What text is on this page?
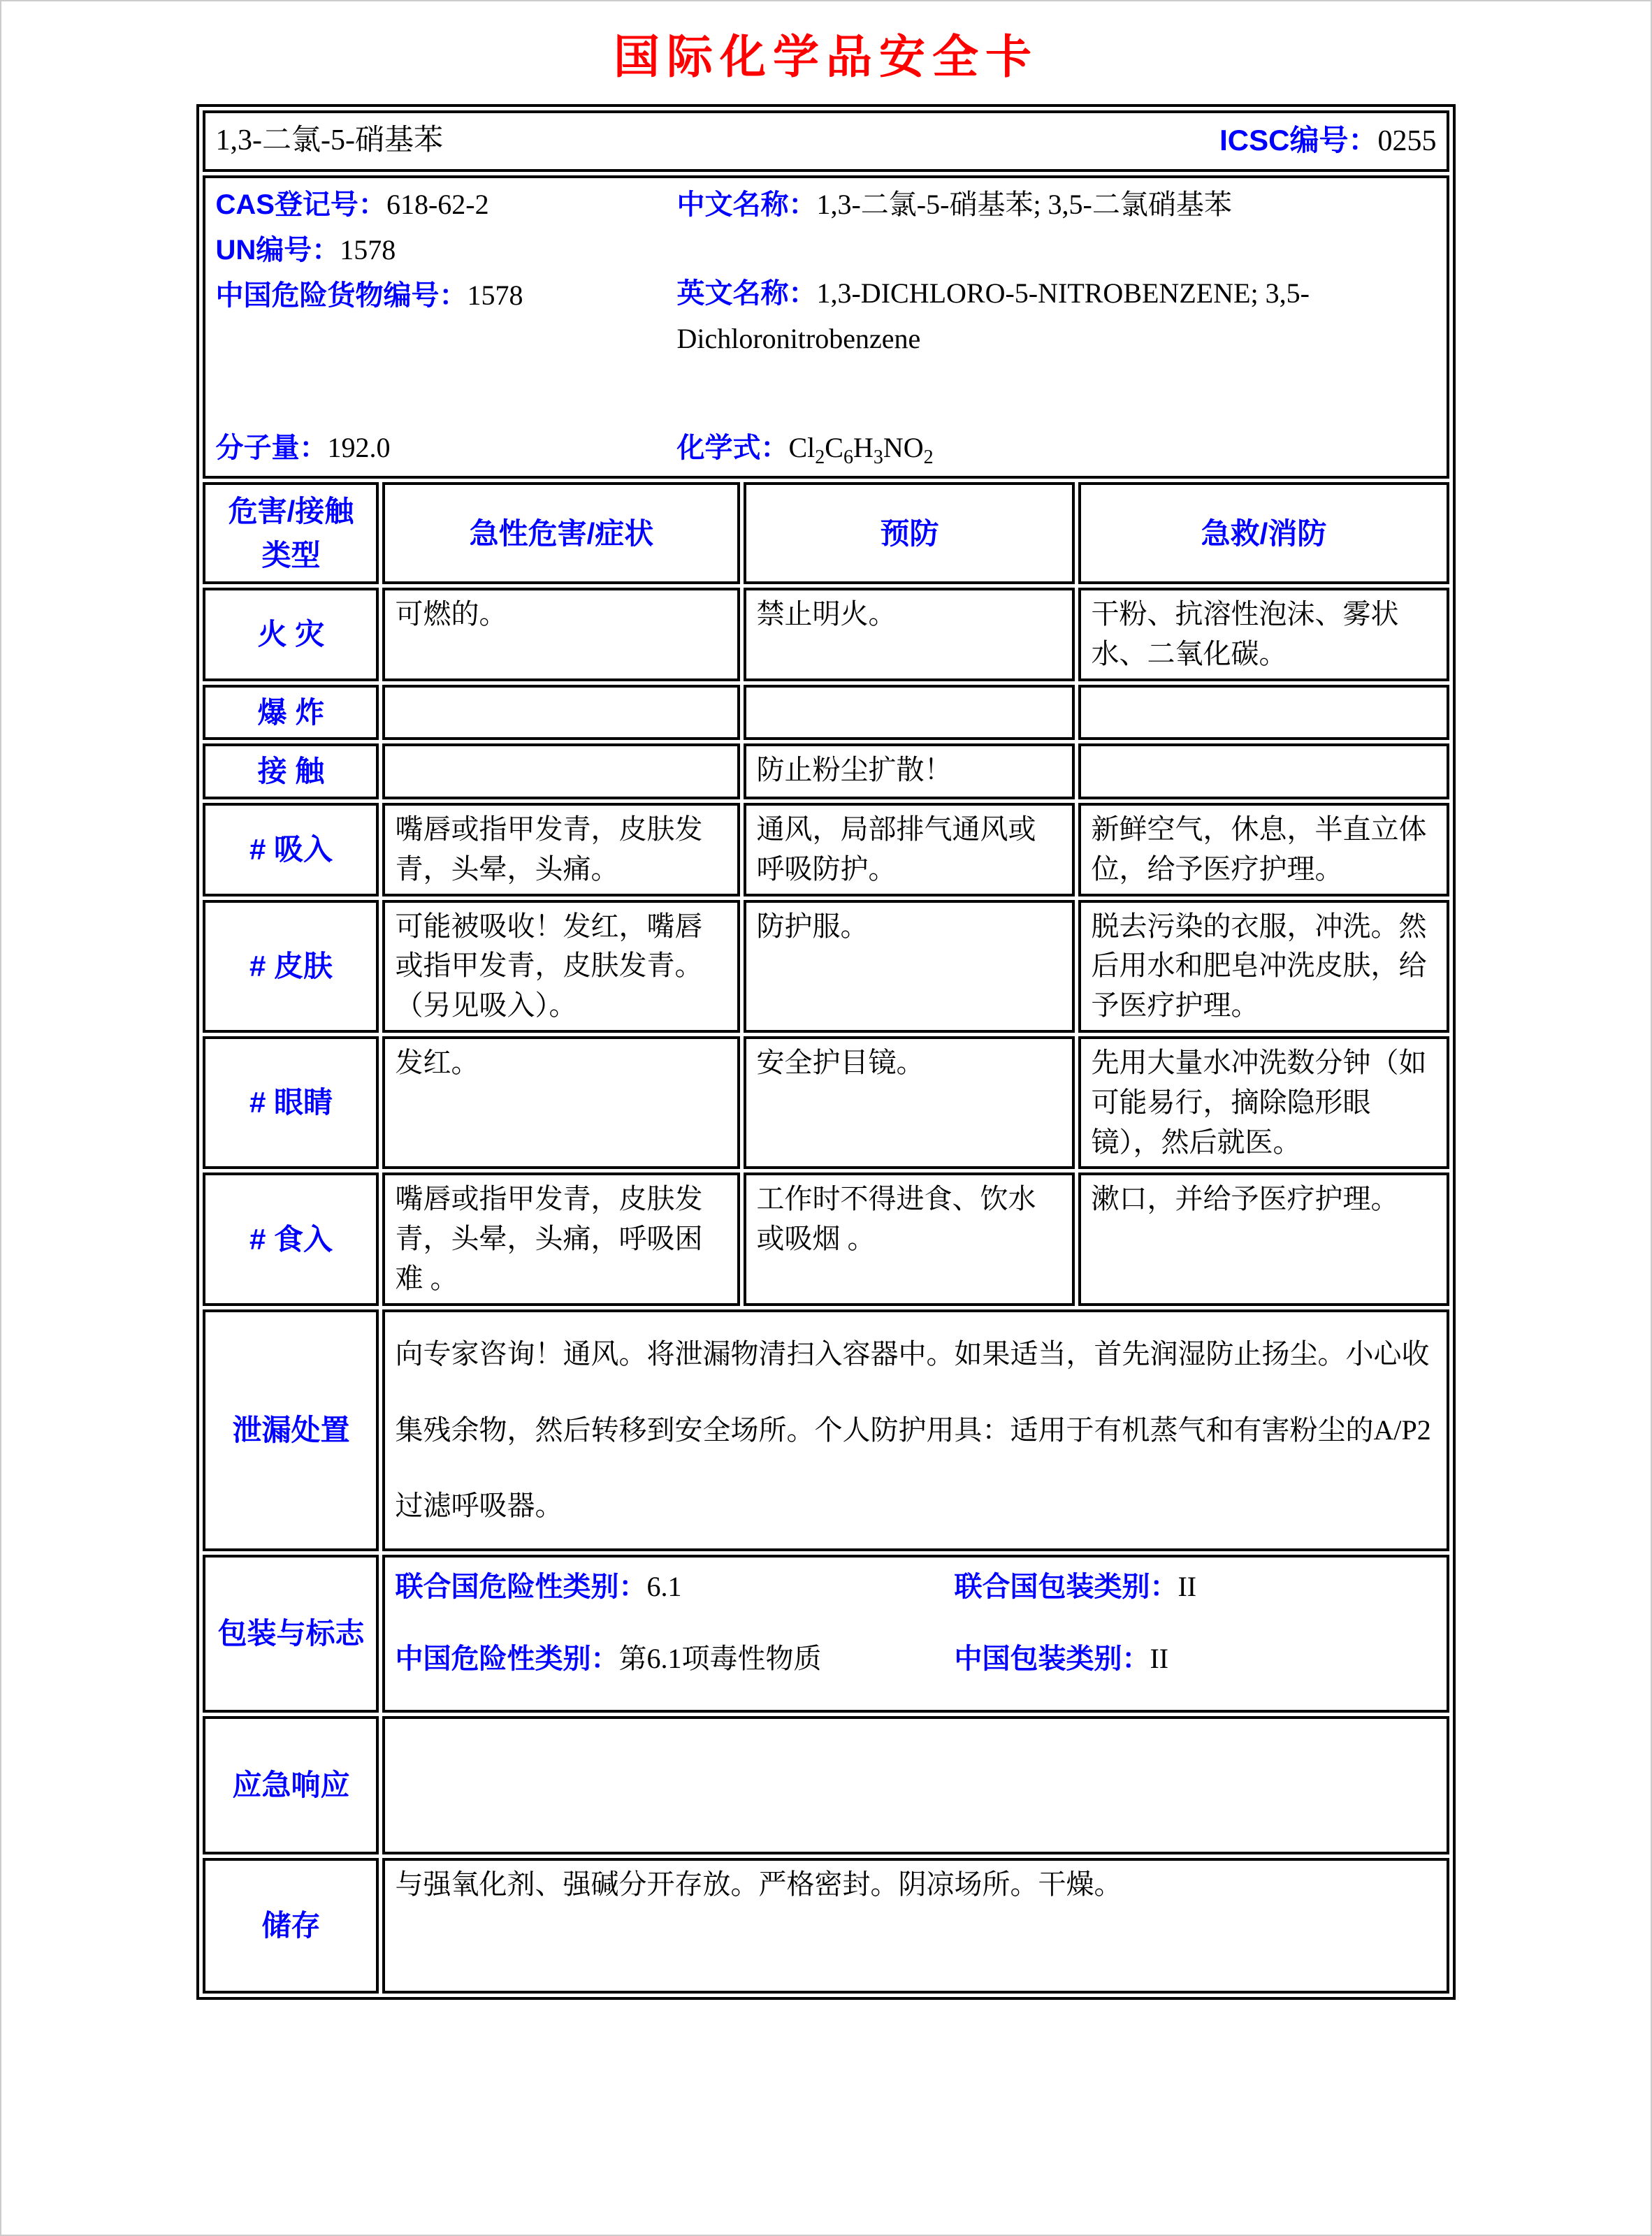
国际化学品安全卡
1,3-二氯-5-硝基苯 ICSC编号：0255			

CAS登记号：618-62-2
UN编号：1578
中国危险货物编号：1578
中文名称：1,3-二氯-5-硝基苯; 3,5-二氯硝基苯
英文名称：1,3-DICHLORO-5-NITROBENZENE; 3,5-Dichloronitrobenzene
分子量：192.0	化学式：$Cl_2C_6H_3NO_2$

危害/接触
类型	急性危害/症状	预防	急救/消防
火 灾	可燃的。	禁止明火。	干粉、抗溶性泡沫、雾状水、二氧化碳。
爆 炸			
接 触		防止粉尘扩散！	
# 吸入	嘴唇或指甲发青，皮肤发青，头晕，头痛。	通风，局部排气通风或呼吸防护。	新鲜空气，休息，半直立体位，给予医疗护理。
# 皮肤	可能被吸收！发红，嘴唇或指甲发青，皮肤发青。（另见吸入）。	防护服。	脱去污染的衣服，冲洗。然后用水和肥皂冲洗皮肤，给予医疗护理。
# 眼睛	发红。	安全护目镜。	先用大量水冲洗数分钟（如可能易行，摘除隐形眼镜），然后就医。
# 食入	嘴唇或指甲发青，皮肤发青，头晕，头痛，呼吸困难 。	工作时不得进食、饮水或吸烟 。	漱口，并给予医疗护理。
泄漏处置	向专家咨询！通风。将泄漏物清扫入容器中。如果适当，首先润湿防止扬尘。小心收集残余物，然后转移到安全场所。个人防护用具：适用于有机蒸气和有害粉尘的A/P2过滤呼吸器。		
包装与标志	联合国危险性类别：6.1 联合国包装类别：II
中国危险性类别：第6.1项毒性物质 中国包装类别：II		

应急响应			
储存	与强氧化剂、强碱分开存放。严格密封。阴凉场所。干燥。		
